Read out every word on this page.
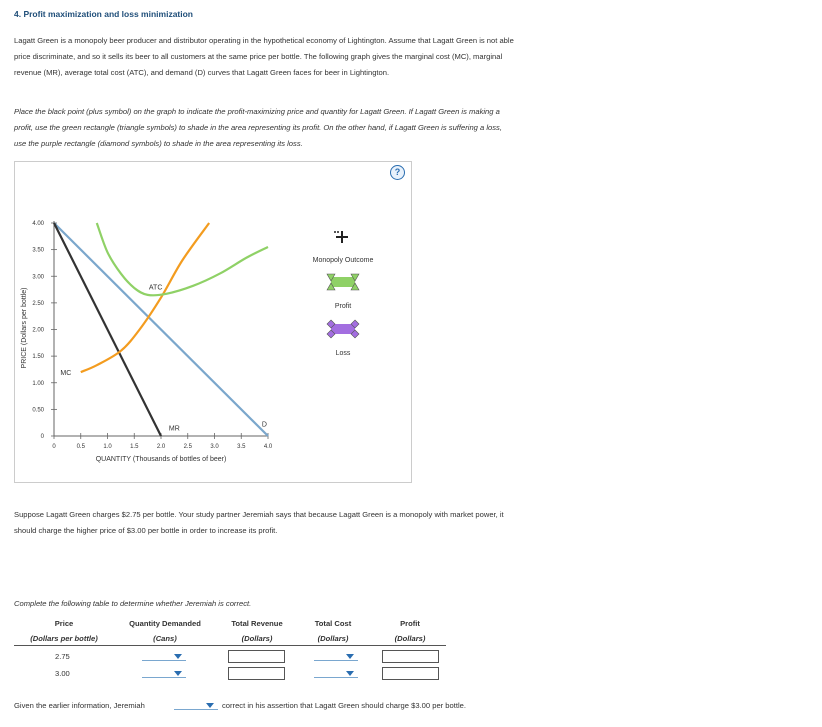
4. Profit maximization and loss minimization
Lagatt Green is a monopoly beer producer and distributor operating in the hypothetical economy of Lightington. Assume that Lagatt Green is not able
price discriminate, and so it sells its beer to all customers at the same price per bottle. The following graph gives the marginal cost (MC), marginal
revenue (MR), average total cost (ATC), and demand (D) curves that Lagatt Green faces for beer in Lightington.
Place the black point (plus symbol) on the graph to indicate the profit-maximizing price and quantity for Lagatt Green. If Lagatt Green is making a
profit, use the green rectangle (triangle symbols) to shade in the area representing its profit. On the other hand, if Lagatt Green is suffering a loss,
use the purple rectangle (diamond symbols) to shade in the area representing its loss.
?
0	0.5	1.0	1.5	2.0	2.5	3.0	3.5	4.0
0
0.50
1.00
1.50
2.00
2.50
3.00
3.50
4.00
D
MR
MC
ATC
PRICE (Dollars per bottle)
QUANTITY (Thousands of bottles of beer)
Monopoly Outcome
Profit
Loss
Suppose Lagatt Green charges $2.75 per bottle. Your study partner Jeremiah says that because Lagatt Green is a monopoly with market power, it
should charge the higher price of $3.00 per bottle in order to increase its profit.
Complete the following table to determine whether Jeremiah is correct.
Price	Quantity Demanded	Total Revenue	Total Cost	Profit
(Dollars per bottle)	(Cans)	(Dollars)	(Dollars)	(Dollars)
2.75
3.00
Given the earlier information, Jeremiah	correct in his assertion that Lagatt Green should charge $3.00 per bottle.
